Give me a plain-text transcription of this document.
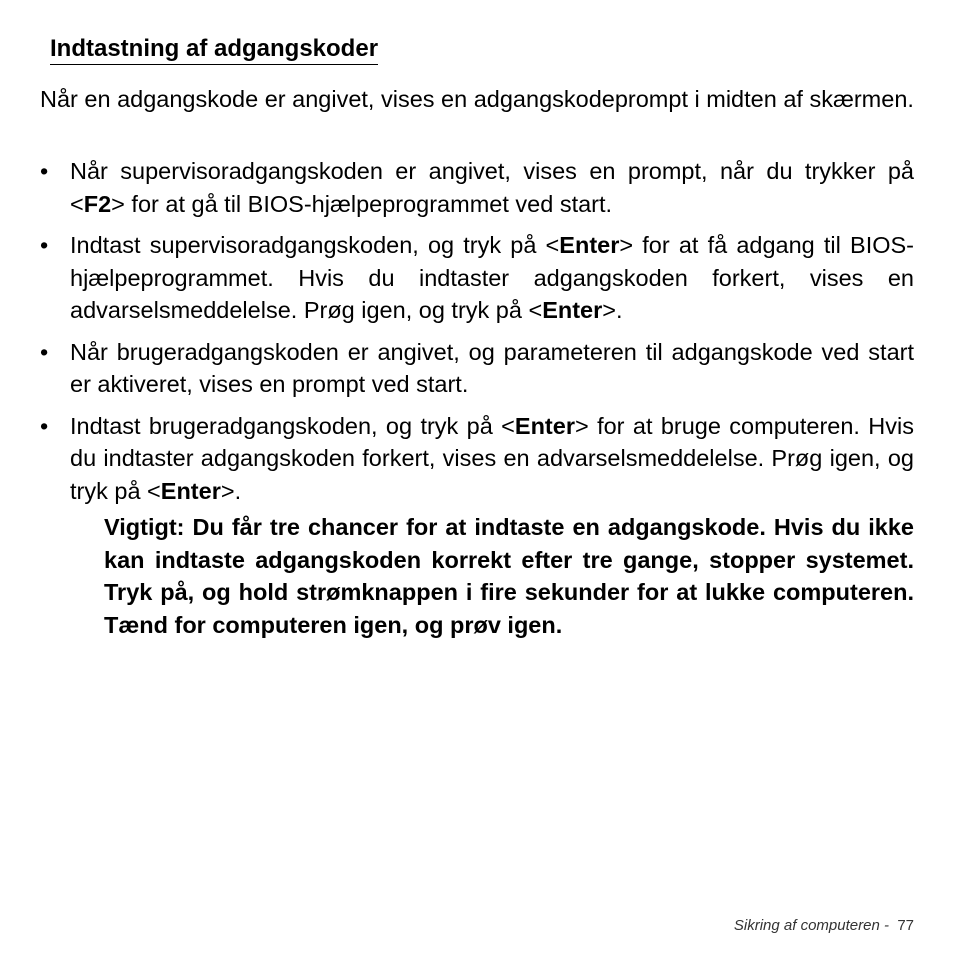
Indtastning af adgangskoder

Når en adgangskode er angivet, vises en adgangskodeprompt i midten af skærmen.

• Når supervisoradgangskoden er angivet, vises en prompt, når du trykker på <F2> for at gå til BIOS-hjælpeprogrammet ved start.
• Indtast supervisoradgangskoden, og tryk på <Enter> for at få adgang til BIOS-hjælpeprogrammet. Hvis du indtaster adgangskoden forkert, vises en advarselsmeddelelse. Prøg igen, og tryk på <Enter>.
• Når brugeradgangskoden er angivet, og parameteren til adgangskode ved start er aktiveret, vises en prompt ved start.
• Indtast brugeradgangskoden, og tryk på <Enter> for at bruge computeren. Hvis du indtaster adgangskoden forkert, vises en advarselsmeddelelse. Prøg igen, og tryk på <Enter>.

Vigtigt: Du får tre chancer for at indtaste en adgangskode. Hvis du ikke kan indtaste adgangskoden korrekt efter tre gange, stopper systemet. Tryk på, og hold strømknappen i fire sekunder for at lukke computeren. Tænd for computeren igen, og prøv igen.

Sikring af computeren -  77
